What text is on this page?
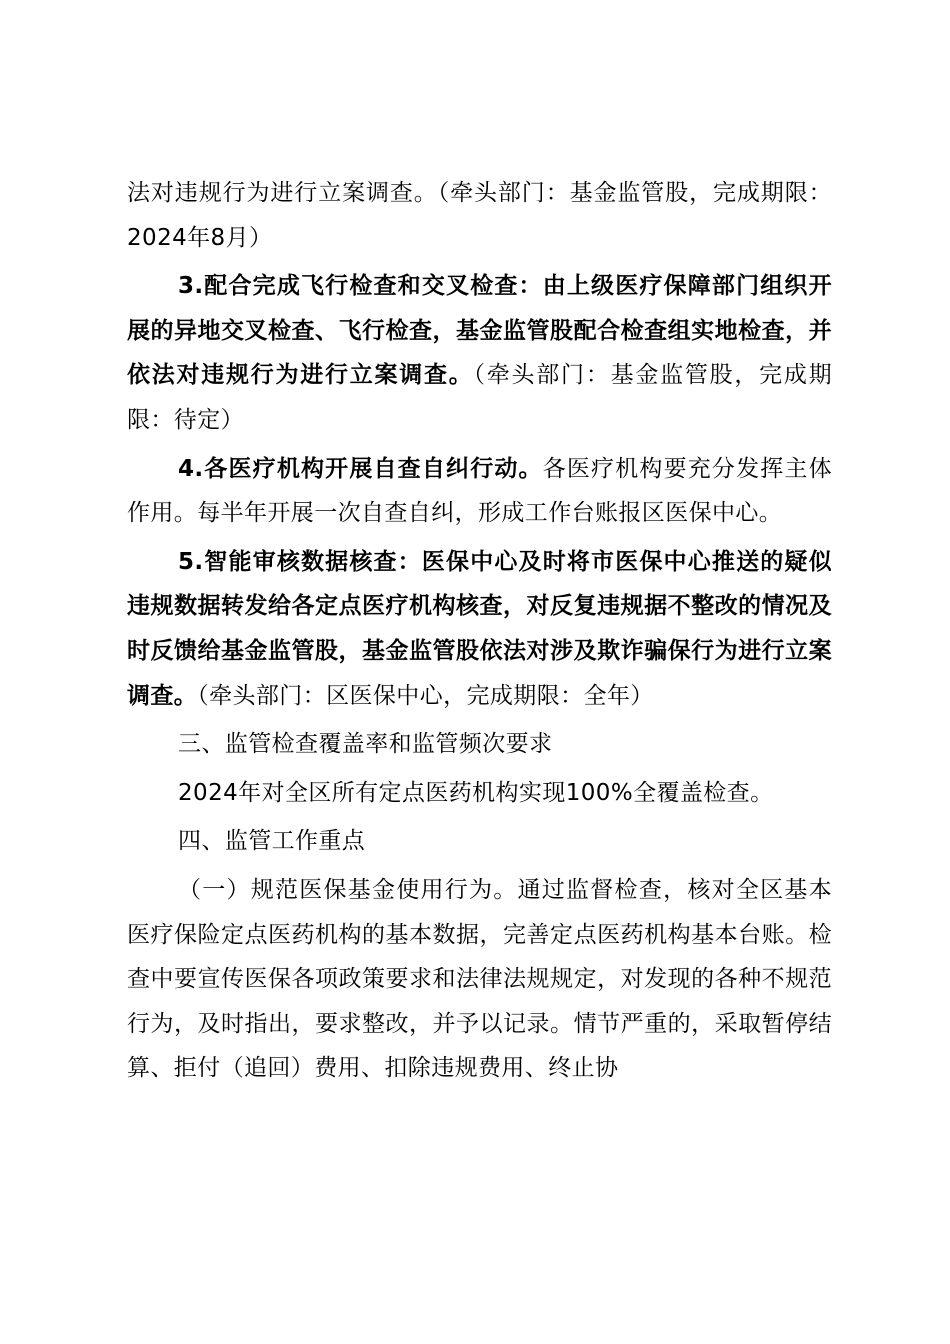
法对违规行为进行立案调查。（牵头部门：基金监管股，完成期限：2024年8月）

3.配合完成飞行检查和交叉检查：由上级医疗保障部门组织开展的异地交叉检查、飞行检查，基金监管股配合检查组实地检查，并依法对违规行为进行立案调查。（牵头部门：基金监管股，完成期限：待定）

4.各医疗机构开展自查自纠行动。各医疗机构要充分发挥主体作用。每半年开展一次自查自纠，形成工作台账报区医保中心。

5.智能审核数据核查：医保中心及时将市医保中心推送的疑似违规数据转发给各定点医疗机构核查，对反复违规据不整改的情况及时反馈给基金监管股，基金监管股依法对涉及欺诈骗保行为进行立案调查。（牵头部门：区医保中心，完成期限：全年）

三、监管检查覆盖率和监管频次要求

2024年对全区所有定点医药机构实现100%全覆盖检查。

四、监管工作重点

（一）规范医保基金使用行为。通过监督检查，核对全区基本医疗保险定点医药机构的基本数据，完善定点医药机构基本台账。检查中要宣传医保各项政策要求和法律法规规定，对发现的各种不规范行为，及时指出，要求整改，并予以记录。情节严重的，采取暂停结算、拒付（追回）费用、扣除违规费用、终止协
